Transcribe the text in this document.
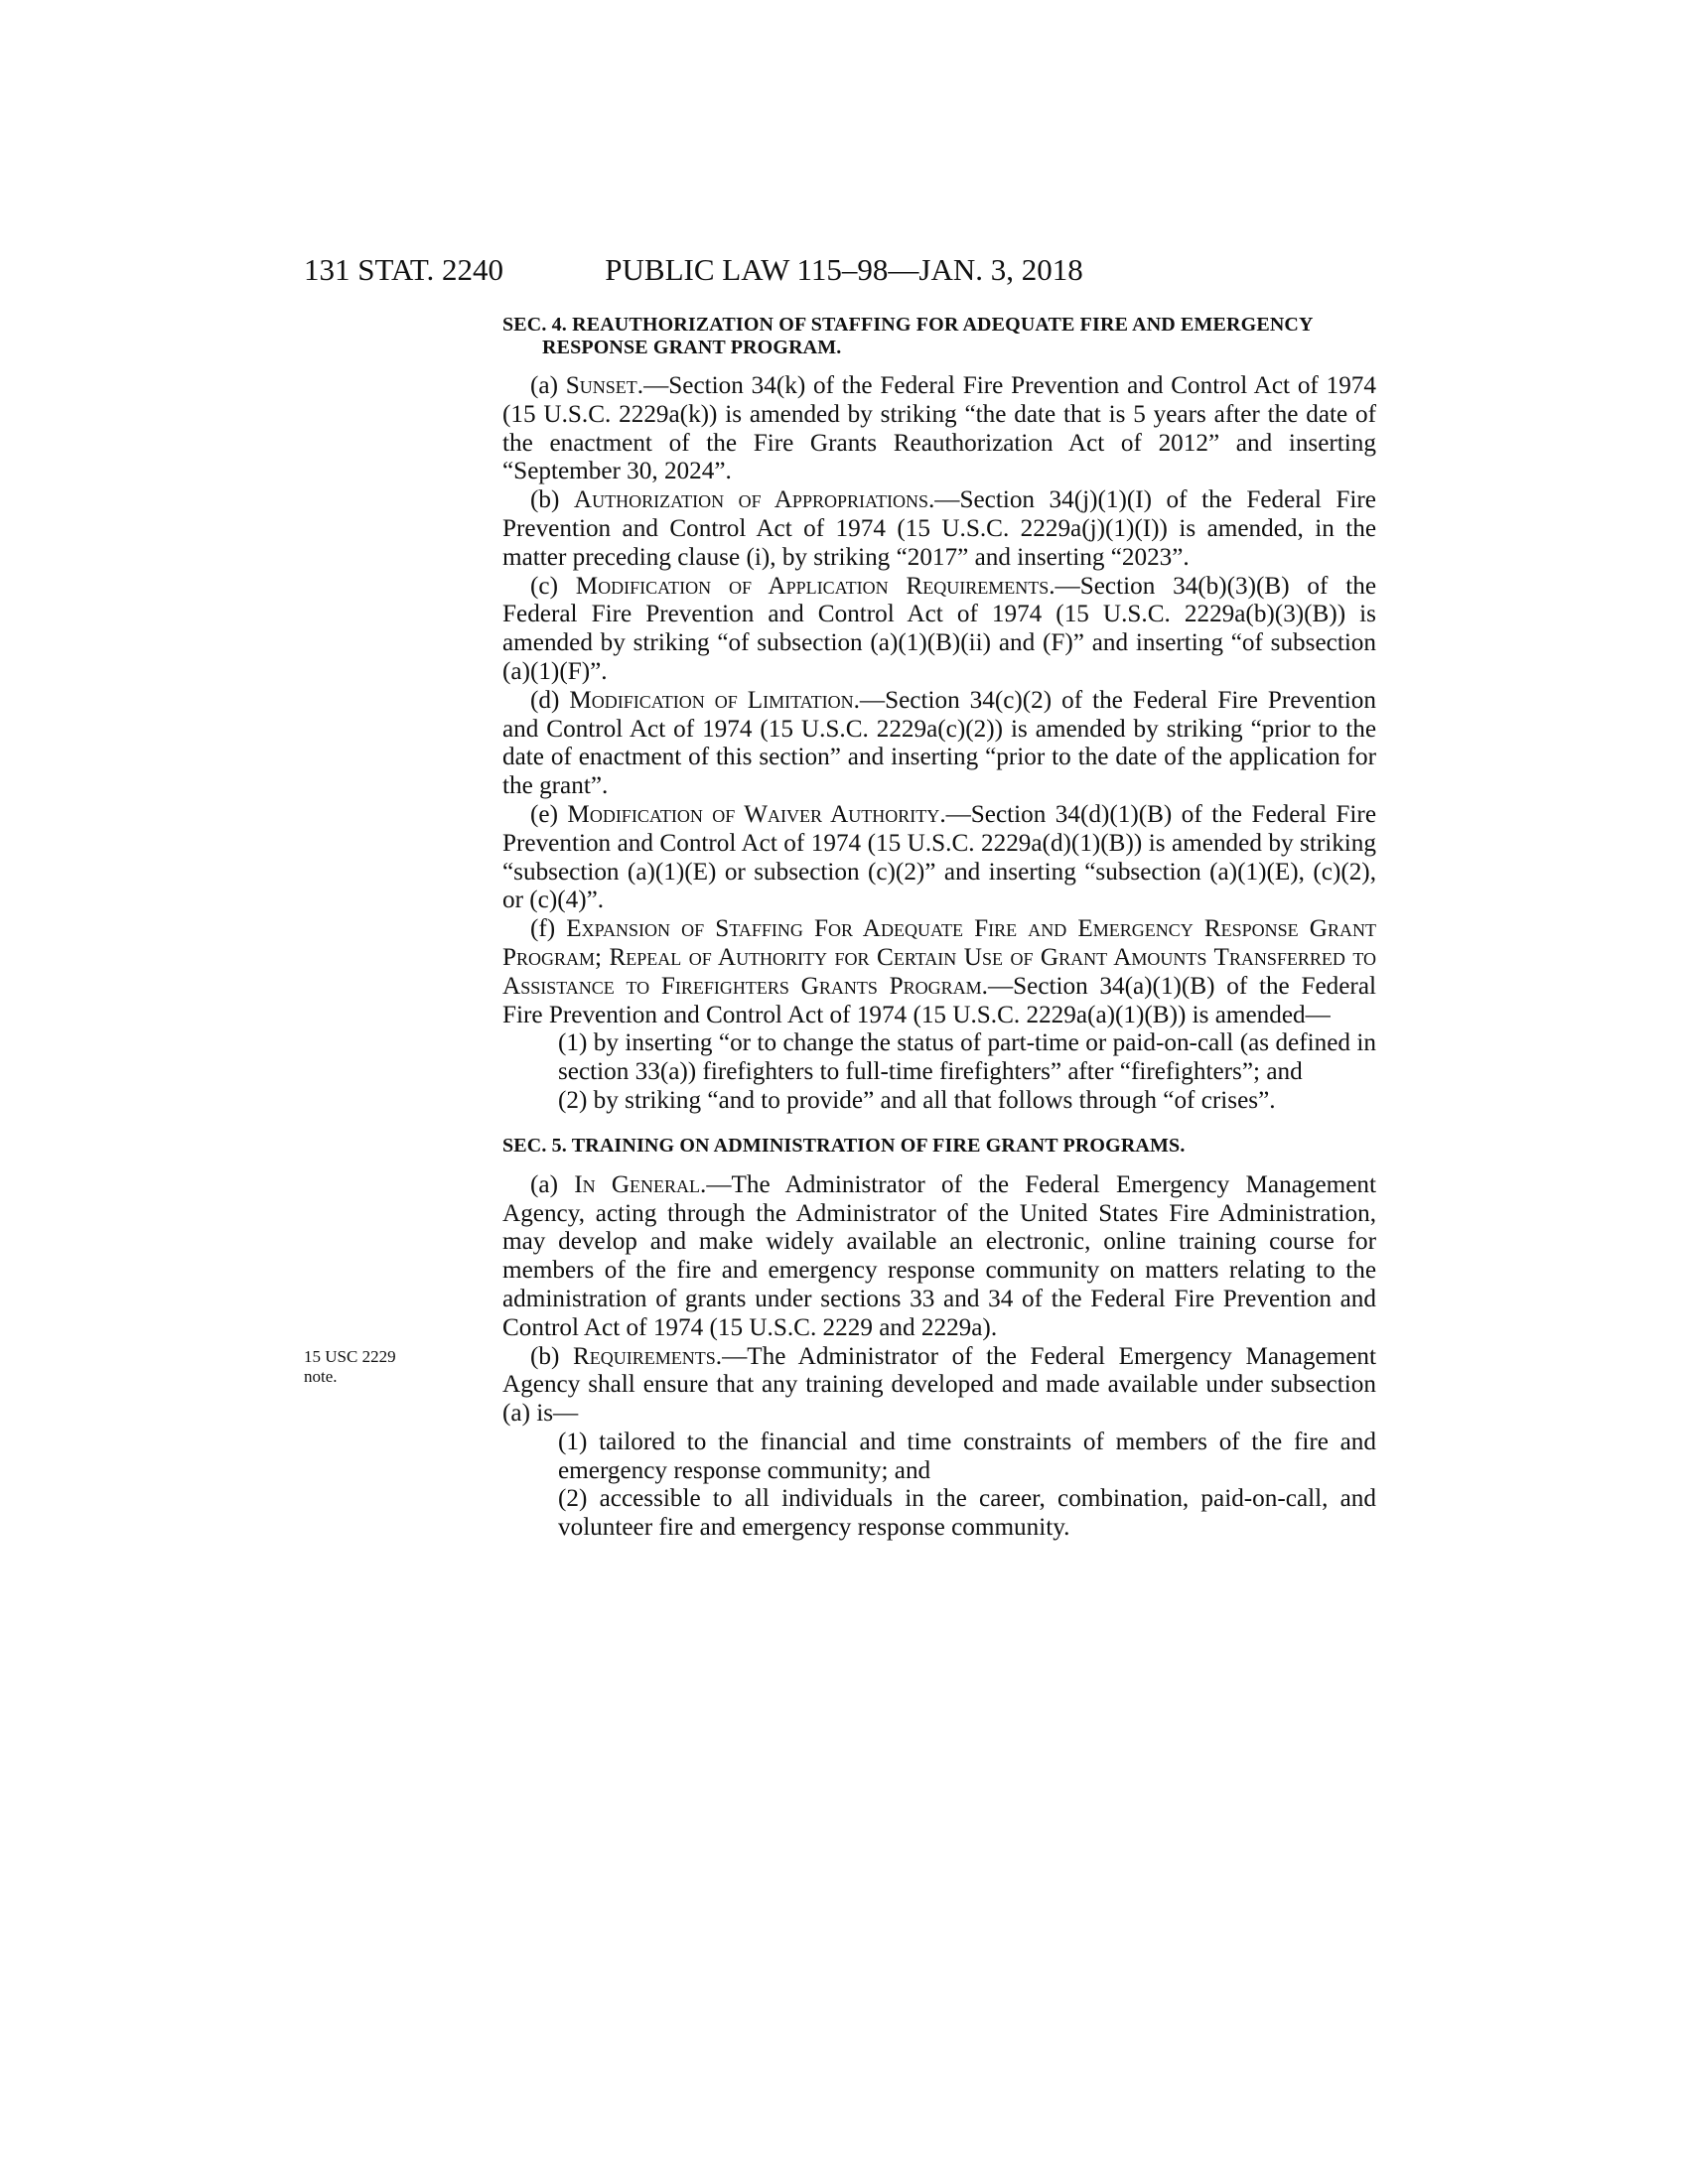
131 STAT. 2240	PUBLIC LAW 115–98—JAN. 3, 2018
15 USC 2229
note.
SEC. 4. REAUTHORIZATION OF STAFFING FOR ADEQUATE FIRE AND EMERGENCY RESPONSE GRANT PROGRAM.

(a) Sunset.—Section 34(k) of the Federal Fire Prevention and Control Act of 1974 (15 U.S.C. 2229a(k)) is amended by striking “the date that is 5 years after the date of the enactment of the Fire Grants Reauthorization Act of 2012” and inserting “September 30, 2024”.

(b) Authorization of Appropriations.—Section 34(j)(1)(I) of the Federal Fire Prevention and Control Act of 1974 (15 U.S.C. 2229a(j)(1)(I)) is amended, in the matter preceding clause (i), by striking “2017” and inserting “2023”.

(c) Modification of Application Requirements.—Section 34(b)(3)(B) of the Federal Fire Prevention and Control Act of 1974 (15 U.S.C. 2229a(b)(3)(B)) is amended by striking “of subsection (a)(1)(B)(ii) and (F)” and inserting “of subsection (a)(1)(F)”.

(d) Modification of Limitation.—Section 34(c)(2) of the Federal Fire Prevention and Control Act of 1974 (15 U.S.C. 2229a(c)(2)) is amended by striking “prior to the date of enactment of this section” and inserting “prior to the date of the application for the grant”.

(e) Modification of Waiver Authority.—Section 34(d)(1)(B) of the Federal Fire Prevention and Control Act of 1974 (15 U.S.C. 2229a(d)(1)(B)) is amended by striking “subsection (a)(1)(E) or subsection (c)(2)” and inserting “subsection (a)(1)(E), (c)(2), or (c)(4)”.

(f) Expansion of Staffing For Adequate Fire and Emergency Response Grant Program; Repeal of Authority for Certain Use of Grant Amounts Transferred to Assistance to Firefighters Grants Program.—Section 34(a)(1)(B) of the Federal Fire Prevention and Control Act of 1974 (15 U.S.C. 2229a(a)(1)(B)) is amended—

(1) by inserting “or to change the status of part-time or paid-on-call (as defined in section 33(a)) firefighters to full-time firefighters” after “firefighters”; and

(2) by striking “and to provide” and all that follows through “of crises”.

SEC. 5. TRAINING ON ADMINISTRATION OF FIRE GRANT PROGRAMS.

(a) In General.—The Administrator of the Federal Emergency Management Agency, acting through the Administrator of the United States Fire Administration, may develop and make widely available an electronic, online training course for members of the fire and emergency response community on matters relating to the administration of grants under sections 33 and 34 of the Federal Fire Prevention and Control Act of 1974 (15 U.S.C. 2229 and 2229a).

(b) Requirements.—The Administrator of the Federal Emergency Management Agency shall ensure that any training developed and made available under subsection (a) is—

(1) tailored to the financial and time constraints of members of the fire and emergency response community; and

(2) accessible to all individuals in the career, combination, paid-on-call, and volunteer fire and emergency response community.
